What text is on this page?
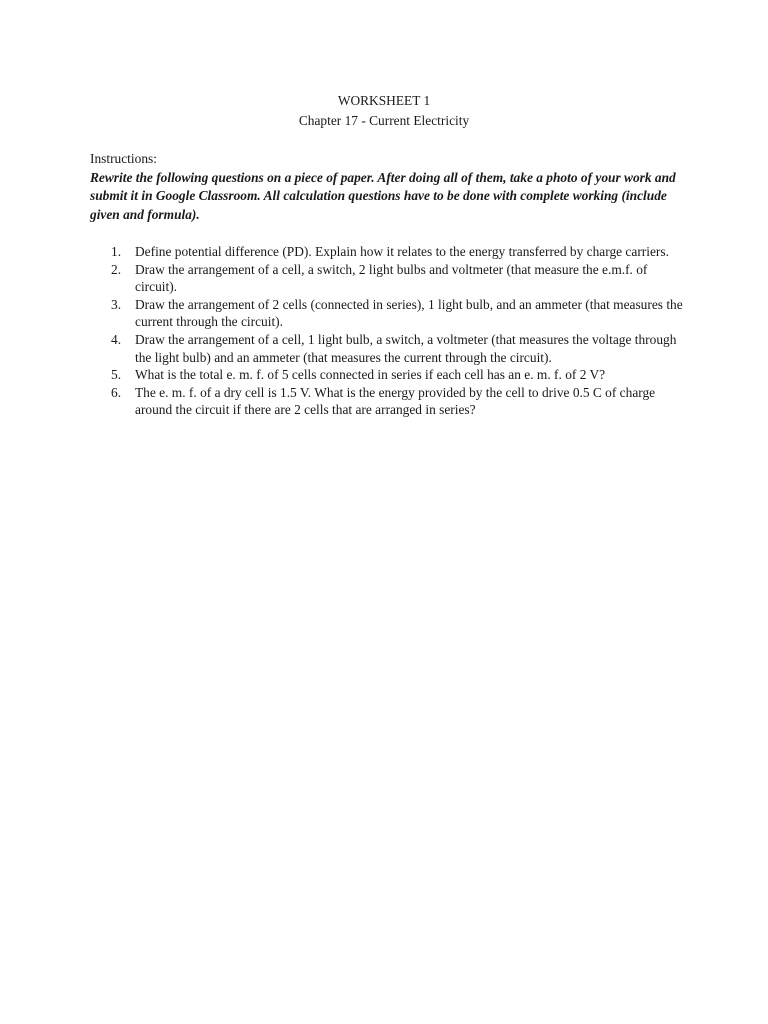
WORKSHEET 1
Chapter 17 - Current Electricity
Instructions:
Rewrite the following questions on a piece of paper. After doing all of them, take a photo of your work and submit it in Google Classroom. All calculation questions have to be done with complete working (include given and formula).
1. Define potential difference (PD). Explain how it relates to the energy transferred by charge carriers.
2. Draw the arrangement of a cell, a switch, 2 light bulbs and voltmeter (that measure the e.m.f. of circuit).
3. Draw the arrangement of 2 cells (connected in series), 1 light bulb, and an ammeter (that measures the current through the circuit).
4. Draw the arrangement of a cell, 1 light bulb, a switch, a voltmeter (that measures the voltage through the light bulb) and an ammeter (that measures the current through the circuit).
5. What is the total e. m. f. of 5 cells connected in series if each cell has an e. m. f. of 2 V?
6. The e. m. f. of a dry cell is 1.5 V. What is the energy provided by the cell to drive 0.5 C of charge around the circuit if there are 2 cells that are arranged in series?
